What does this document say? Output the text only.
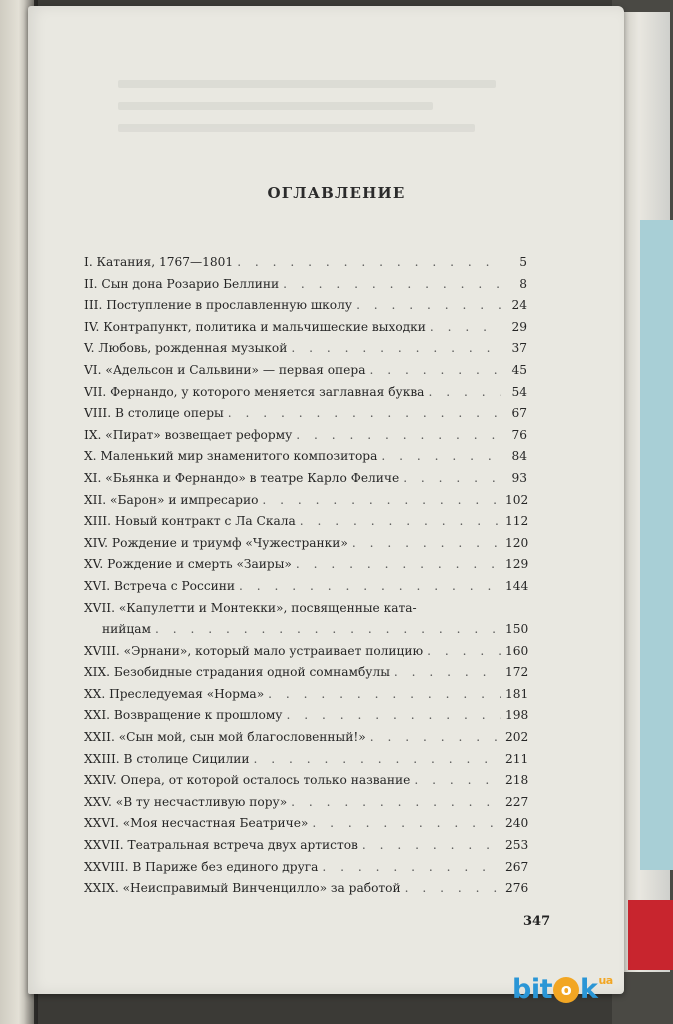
ОГЛАВЛЕНИЕ
I. Катания, 1767—1801 . . .	5
II. Сын дона Розарио Беллини . . .	8
III. Поступление в прославленную школу . . .	24
IV. Контрапункт, политика и мальчишеские выходки . . .	29
V. Любовь, рожденная музыкой . . .	37
VI. «Адельсон и Сальвини» — первая опера . . .	45
VII. Фернандо, у которого меняется заглавная буква . . .	54
VIII. В столице оперы . . .	67
IX. «Пират» возвещает реформу . . .	76
X. Маленький мир знаменитого композитора . . .	84
XI. «Бьянка и Фернандо» в театре Карло Феличе . . .	93
XII. «Барон» и импресарио . . .	102
XIII. Новый контракт с Ла Скала . . .	112
XIV. Рождение и триумф «Чужестранки» . . .	120
XV. Рождение и смерть «Заиры» . . .	129
XVI. Встреча с Россини . . .	144
XVII. «Капулетти и Монтекки», посвященные ката-
нийцам . . .	150
XVIII. «Эрнани», который мало устраивает полицию . . .	160
XIX. Безобидные страдания одной сомнамбулы . . .	172
XX. Преследуемая «Норма» . . .	181
XXI. Возвращение к прошлому . . .	198
XXII. «Сын мой, сын мой благословенный!» . . .	202
XXIII. В столице Сицилии . . .	211
XXIV. Опера, от которой осталось только название . . .	218
XXV. «В ту несчастливую пору» . . .	227
XXVI. «Моя несчастная Беатриче» . . .	240
XXVII. Театральная встреча двух артистов . . .	253
XXVIII. В Париже без единого друга . . .	267
XXIX. «Неисправимый Винченцилло» за работой . . .	276
347
bit o $k^{ua}$
